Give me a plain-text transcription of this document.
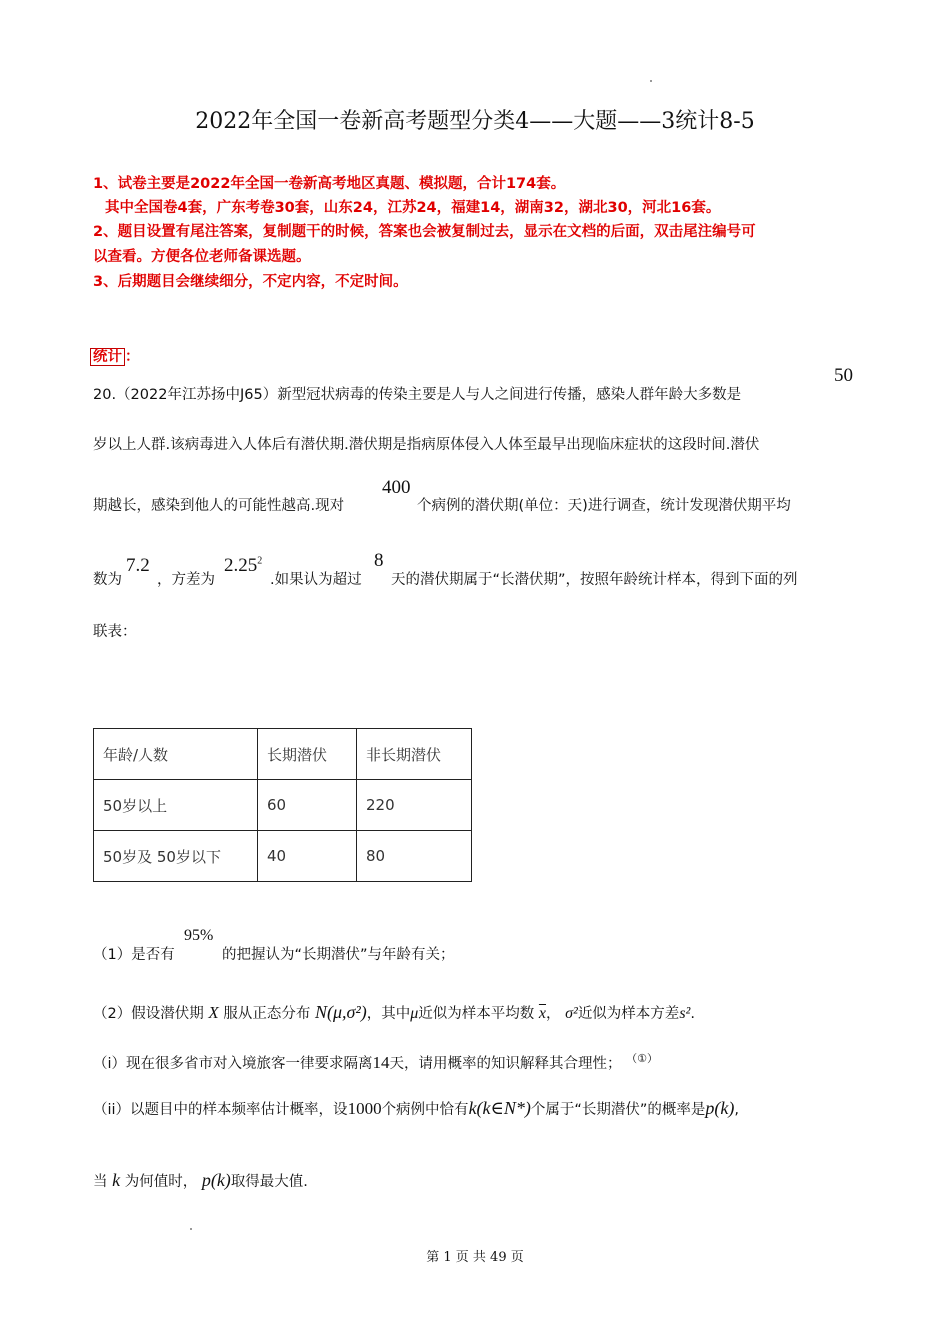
2022年全国一卷新高考题型分类4——大题——3统计8-5
1、试卷主要是2022年全国一卷新高考地区真题、模拟题，合计174套。
其中全国卷4套，广东考卷30套，山东24，江苏24，福建14，湖南32，湖北30，河北16套。
2、题目设置有尾注答案，复制题干的时候，答案也会被复制过去，显示在文档的后面，双击尾注编号可
以查看。方便各位老师备课选题。
3、后期题目会继续细分，不定内容，不定时间。
统计 ：
20.（2022年江苏扬中J65）新型冠状病毒的传染主要是人与人之间进行传播，感染人群年龄大多数是
50
岁以上人群.该病毒进入人体后有潜伏期.潜伏期是指病原体侵入人体至最早出现临床症状的这段时间.潜伏
期越长，感染到他人的可能性越高.现对
400
个病例的潜伏期(单位：天)进行调查，统计发现潜伏期平均
数为
7.2
，方差为
2.25$^2$
.如果认为超过
8
天的潜伏期属于“长潜伏期”，按照年龄统计样本，得到下面的列
联表：
年龄/人数	长期潜伏	非长期潜伏
50岁以上	60	220
50岁及 50岁以下	40	80
（1）是否有
95%
的把握认为“长期潜伏”与年龄有关；
（2）假设潜伏期 X 服从正态分布 N(μ,σ²)，其中μ近似为样本平均数 $\overline{x}$， σ²近似为样本方差s².
（i）现在很多省市对入境旅客一律要求隔离14天，请用概率的知识解释其合理性； （①）
（ii）以题目中的样本频率估计概率，设1000个病例中恰有k(k∈N*)个属于“长期潜伏”的概率是p(k),
当 k 为何值时， p(k)取得最大值.
第 1 页 共 49 页
